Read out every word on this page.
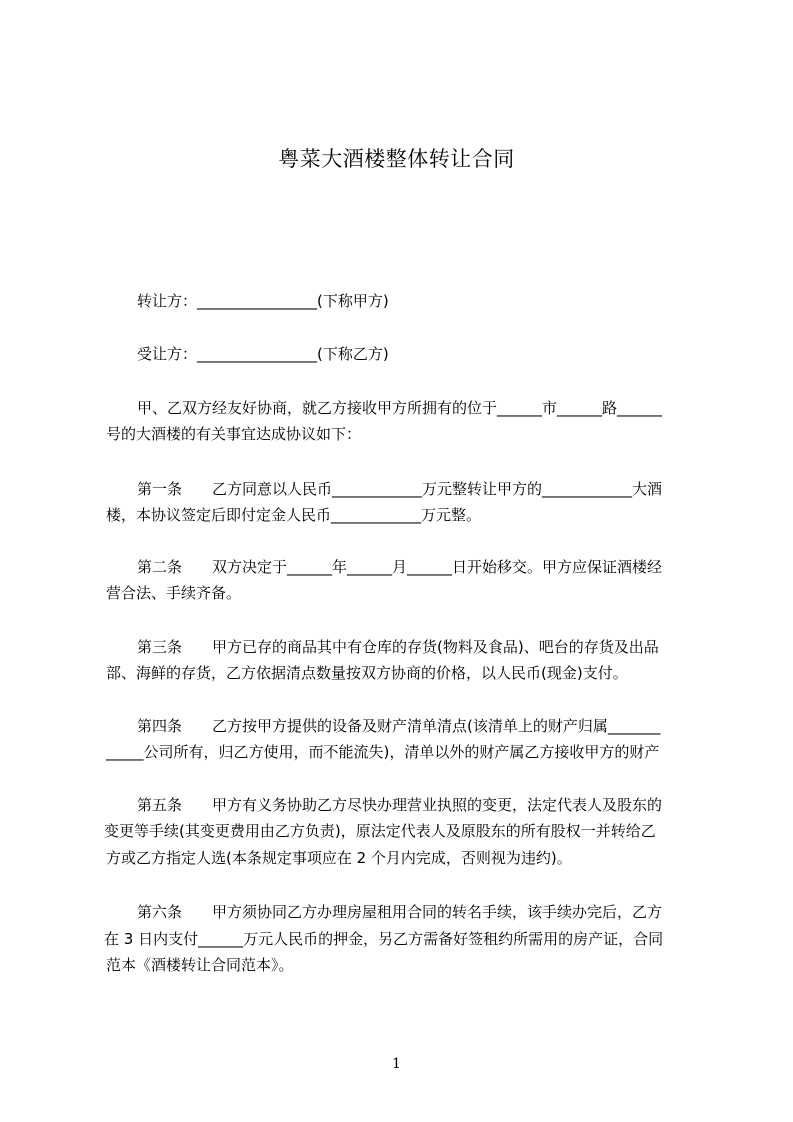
粤菜大酒楼整体转让合同
转让方：________________(下称甲方)
受让方：________________(下称乙方)
甲、乙双方经友好协商，就乙方接收甲方所拥有的位于______市______路______
号的大酒楼的有关事宜达成协议如下：
第一条　　乙方同意以人民币____________万元整转让甲方的____________大酒
楼，本协议签定后即付定金人民币____________万元整。
第二条　　双方决定于______年______月______日开始移交。甲方应保证酒楼经
营合法、手续齐备。
第三条　　甲方已存的商品其中有仓库的存货(物料及食品)、吧台的存货及出品
部、海鲜的存货，乙方依据清点数量按双方协商的价格，以人民币(现金)支付。
第四条　　乙方按甲方提供的设备及财产清单清点(该清单上的财产归属_______
_____公司所有，归乙方使用，而不能流失)，清单以外的财产属乙方接收甲方的财产
第五条　　甲方有义务协助乙方尽快办理营业执照的变更，法定代表人及股东的
变更等手续(其变更费用由乙方负责)，原法定代表人及原股东的所有股权一并转给乙
方或乙方指定人选(本条规定事项应在 2 个月内完成，否则视为违约)。
第六条　　甲方须协同乙方办理房屋租用合同的转名手续，该手续办完后，乙方
在 3 日内支付______万元人民币的押金，另乙方需备好签租约所需用的房产证，合同
范本《酒楼转让合同范本》。
1
